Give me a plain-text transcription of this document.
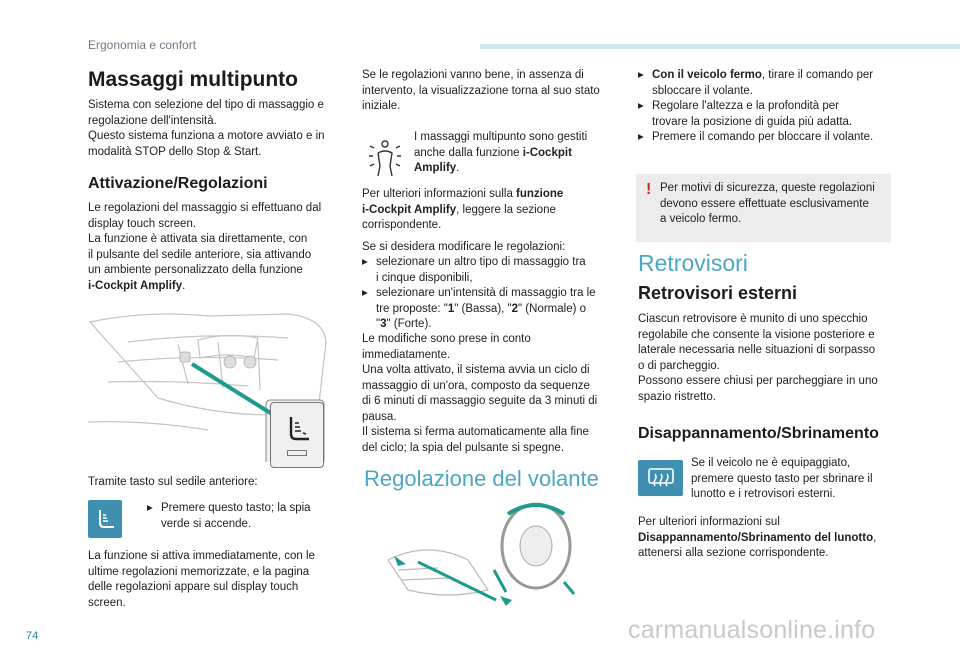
Ergonomia e confort
74	carmanualsonline.info
Massaggi multipunto

Sistema con selezione del tipo di massaggio e
regolazione dell'intensità.
Questo sistema funziona a motore avviato e in
modalità STOP dello Stop & Start.

Attivazione/Regolazioni

Le regolazioni del massaggio si effettuano dal
display touch screen.
La funzione è attivata sia direttamente, con
il pulsante del sedile anteriore, sia attivando
un ambiente personalizzato della funzione
i-Cockpit Amplify.

Tramite tasto sul sedile anteriore:

▸ Premere questo tasto; la spia
verde si accende.

La funzione si attiva immediatamente, con le
ultime regolazioni memorizzate, e la pagina
delle regolazioni appare sul display touch
screen.

Se le regolazioni vanno bene, in assenza di
intervento, la visualizzazione torna al suo stato
iniziale.

I massaggi multipunto sono gestiti
anche dalla funzione i-Cockpit
Amplify.

Per ulteriori informazioni sulla funzione
i-Cockpit Amplify, leggere la sezione
corrispondente.

Se si desidera modificare le regolazioni:

▸ selezionare un altro tipo di massaggio tra
i cinque disponibili,
▸ selezionare un'intensità di massaggio tra le
tre proposte: "1" (Bassa), "2" (Normale) o
"3" (Forte).

Le modifiche sono prese in conto
immediatamente.
Una volta attivato, il sistema avvia un ciclo di
massaggio di un'ora, composto da sequenze
di 6 minuti di massaggio seguite da 3 minuti di
pausa.
Il sistema si ferma automaticamente alla fine
del ciclo; la spia del pulsante si spegne.

Regolazione del volante
▸ Con il veicolo fermo, tirare il comando per
sbloccare il volante.
▸ Regolare l'altezza e la profondità per
trovare la posizione di guida più adatta.
▸ Premere il comando per bloccare il volante.
! Per motivi di sicurezza, queste regolazioni
devono essere effettuate esclusivamente
a veicolo fermo.

Retrovisori
Retrovisori esterni

Ciascun retrovisore è munito di uno specchio
regolabile che consente la visione posteriore e
laterale necessaria nelle situazioni di sorpasso
o di parcheggio.
Possono essere chiusi per parcheggiare in uno
spazio ristretto.

Disappannamento/Sbrinamento

Se il veicolo ne è equipaggiato,
premere questo tasto per sbrinare il
lunotto e i retrovisori esterni.

Per ulteriori informazioni sul
Disappannamento/Sbrinamento del lunotto,
attenersi alla sezione corrispondente.
